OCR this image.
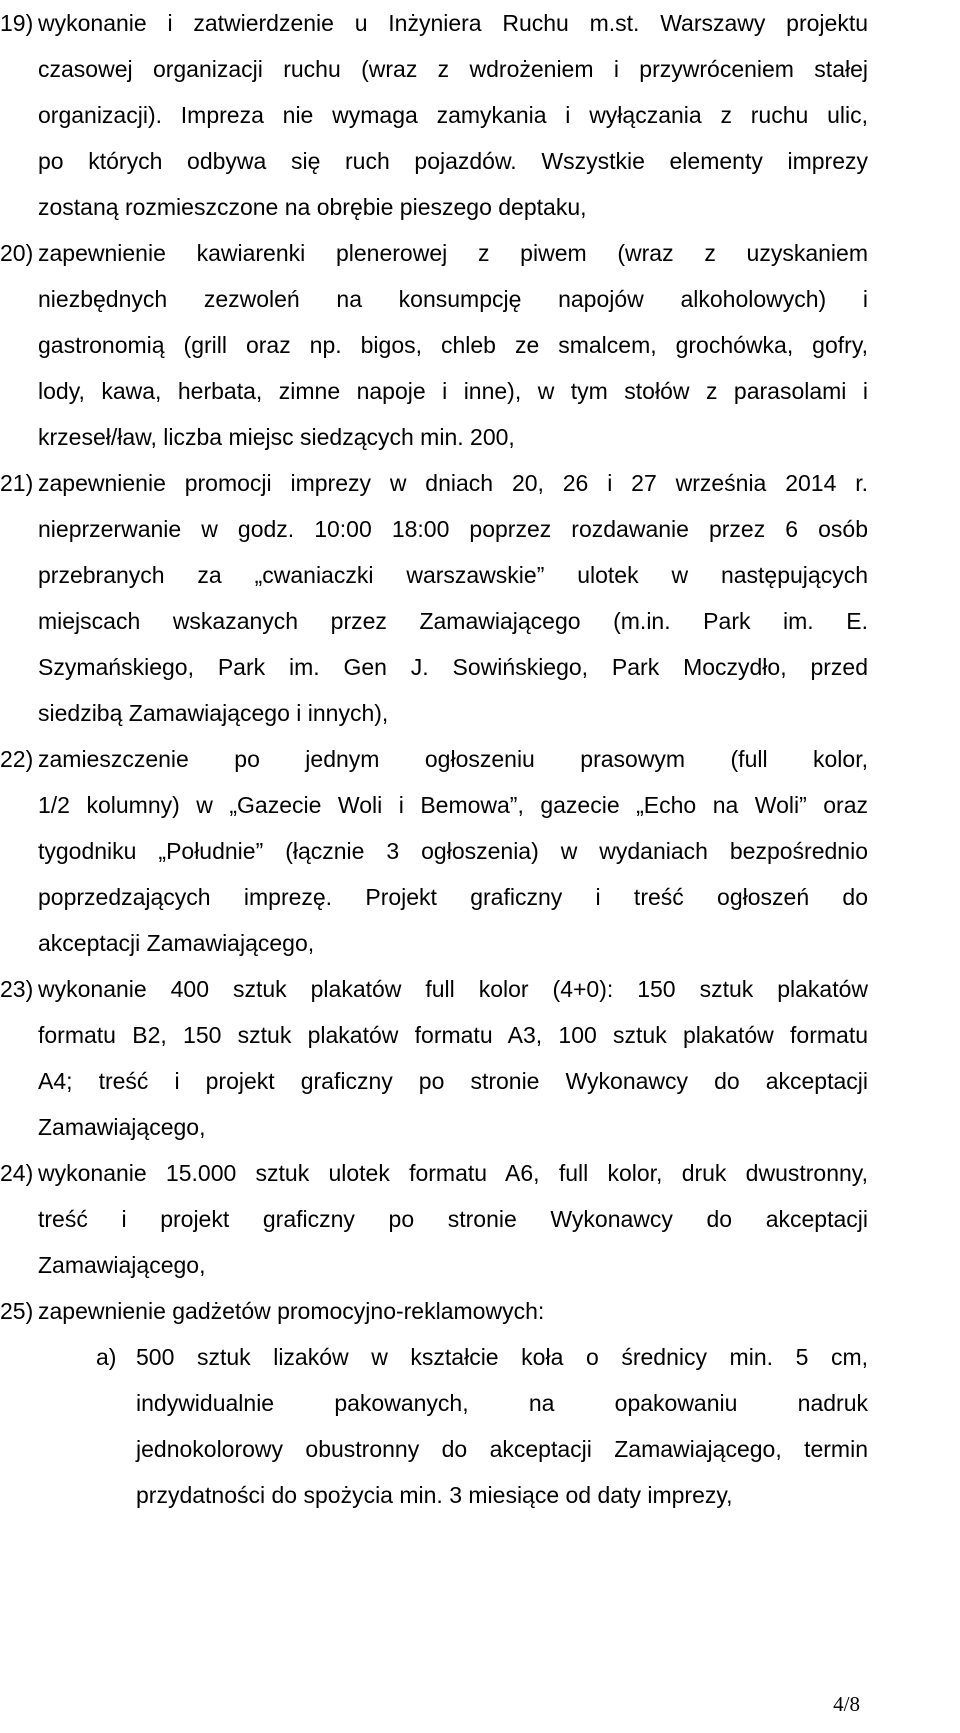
19) wykonanie i zatwierdzenie u Inżyniera Ruchu m.st. Warszawy projektu
czasowej organizacji ruchu (wraz z wdrożeniem i przywróceniem stałej
organizacji). Impreza nie wymaga zamykania i wyłączania z ruchu ulic,
po których odbywa się ruch pojazdów. Wszystkie elementy imprezy
zostaną rozmieszczone na obrębie pieszego deptaku,
20) zapewnienie kawiarenki plenerowej z piwem (wraz z uzyskaniem
niezbędnych zezwoleń na konsumpcję napojów alkoholowych) i
gastronomią (grill oraz np. bigos, chleb ze smalcem, grochówka, gofry,
lody, kawa, herbata, zimne napoje i inne), w tym stołów z parasolami i
krzeseł/ław, liczba miejsc siedzących min. 200,
21) zapewnienie promocji imprezy w dniach 20, 26 i 27 września 2014 r.
nieprzerwanie w godz. 10:00 18:00 poprzez rozdawanie przez 6 osób
przebranych za „cwaniaczki warszawskie” ulotek w następujących
miejscach wskazanych przez Zamawiającego (m.in. Park im. E.
Szymańskiego, Park im. Gen J. Sowińskiego, Park Moczydło, przed
siedzibą Zamawiającego i innych),
22) zamieszczenie po jednym ogłoszeniu prasowym (full kolor,
1/2 kolumny) w „Gazecie Woli i Bemowa”, gazecie „Echo na Woli” oraz
tygodniku „Południe” (łącznie 3 ogłoszenia) w wydaniach bezpośrednio
poprzedzających imprezę. Projekt graficzny i treść ogłoszeń do
akceptacji Zamawiającego,
23) wykonanie 400 sztuk plakatów full kolor (4+0): 150 sztuk plakatów
formatu B2, 150 sztuk plakatów formatu A3, 100 sztuk plakatów formatu
A4; treść i projekt graficzny po stronie Wykonawcy do akceptacji
Zamawiającego,
24) wykonanie 15.000 sztuk ulotek formatu A6, full kolor, druk dwustronny,
treść i projekt graficzny po stronie Wykonawcy do akceptacji
Zamawiającego,
25) zapewnienie gadżetów promocyjno-reklamowych:
a) 500 sztuk lizaków w kształcie koła o średnicy min. 5 cm,
indywidualnie pakowanych, na opakowaniu nadruk
jednokolorowy obustronny do akceptacji Zamawiającego, termin
przydatności do spożycia min. 3 miesiące od daty imprezy,
4/8
